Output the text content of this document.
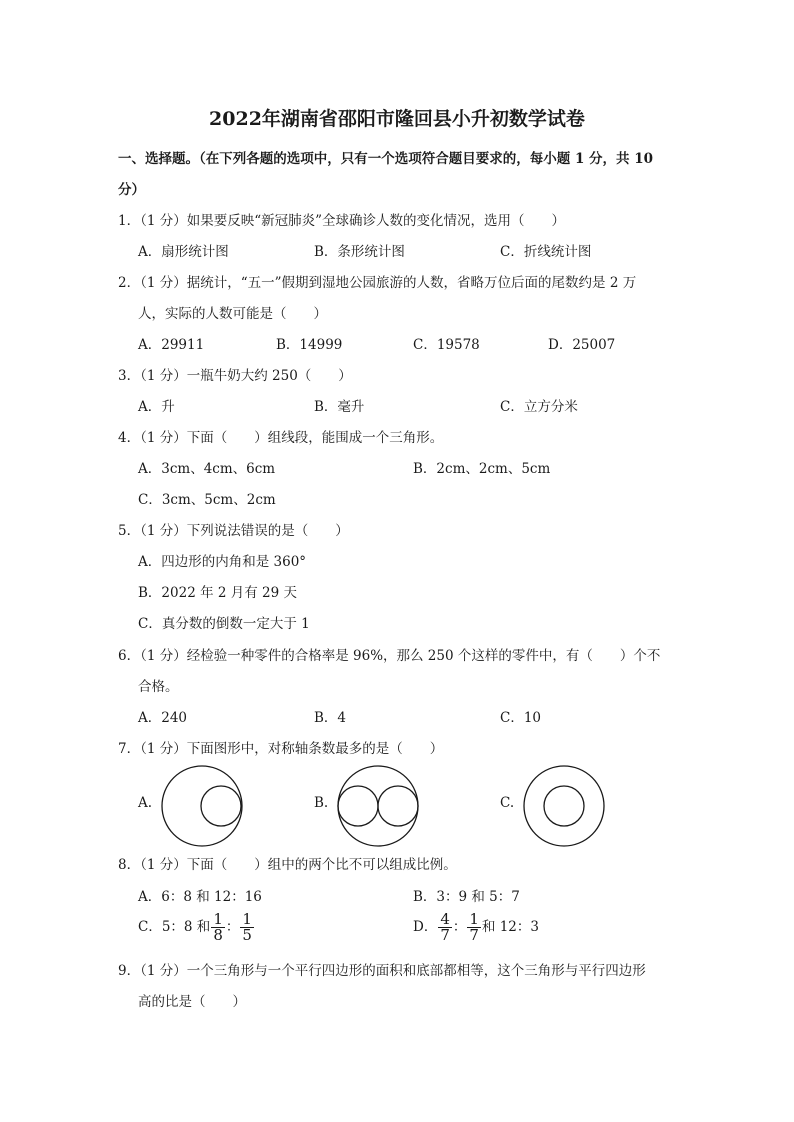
2022年湖南省邵阳市隆回县小升初数学试卷
一、选择题。（在下列各题的选项中，只有一个选项符合题目要求的，每小题 1 分，共 10
分）
1．（1 分）如果要反映“新冠肺炎”全球确诊人数的变化情况，选用（　　）
A．扇形统计图	B．条形统计图	C．折线统计图
2．（1 分）据统计，“五一”假期到湿地公园旅游的人数，省略万位后面的尾数约是 2 万
人，实际的人数可能是（　　）
A．29911	B．14999	C．19578	D．25007
3．（1 分）一瓶牛奶大约 250（　　）
A．升	B．毫升	C．立方分米
4．（1 分）下面（　　）组线段，能围成一个三角形。
A．3cm、4cm、6cm	B．2cm、2cm、5cm
C．3cm、5cm、2cm
5．（1 分）下列说法错误的是（　　）
A．四边形的内角和是 360°
B．2022 年 2 月有 29 天
C．真分数的倒数一定大于 1
6．（1 分）经检验一种零件的合格率是 96%，那么 250 个这样的零件中，有（　　）个不
合格。
A．240	B．4	C．10
7．（1 分）下面图形中，对称轴条数最多的是（　　）
A.	B.	C.
8．（1 分）下面（　　）组中的两个比不可以组成比例。
A．6：8 和 12：16	B．3：9 和 5：7
C．5：8 和 $\frac{1}{8}$ ： $\frac{1}{5}$	D． $\frac{4}{7}$ ： $\frac{1}{7}$ 和 12：3
9．（1 分）一个三角形与一个平行四边形的面积和底部都相等，这个三角形与平行四边形
高的比是（　　）
